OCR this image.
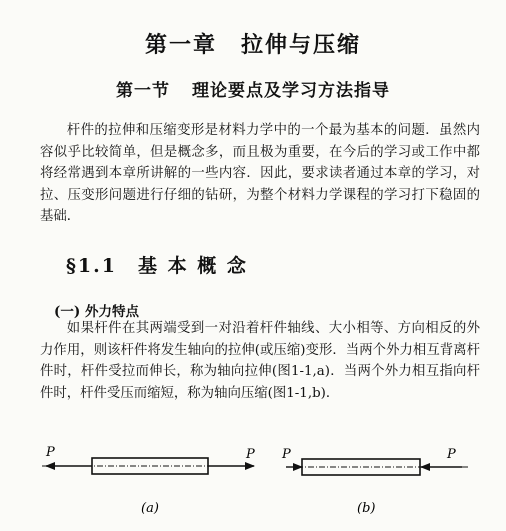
第一章　拉伸与压缩
第一节 理论要点及学习方法指导
杆件的拉伸和压缩变形是材料力学中的一个最为基本的问题．虽然内容似乎比较简单，但是概念多，而且极为重要，在今后的学习或工作中都将经常遇到本章所讲解的一些内容．因此，要求读者通过本章的学习，对拉、压变形问题进行仔细的钻研，为整个材料力学课程的学习打下稳固的基础．
§1.1　基 本 概 念
(一) 外力特点
如果杆件在其两端受到一对沿着杆件轴线、大小相等、方向相反的外力作用，则该杆件将发生轴向的拉伸(或压缩)变形．当两个外力相互背离杆件时，杆件受拉而伸长，称为轴向拉伸(图1-1,a)．当两个外力相互指向杆件时，杆件受压而缩短，称为轴向压缩(图1-1,b)．
P	P
(a)
P	P
(b)
